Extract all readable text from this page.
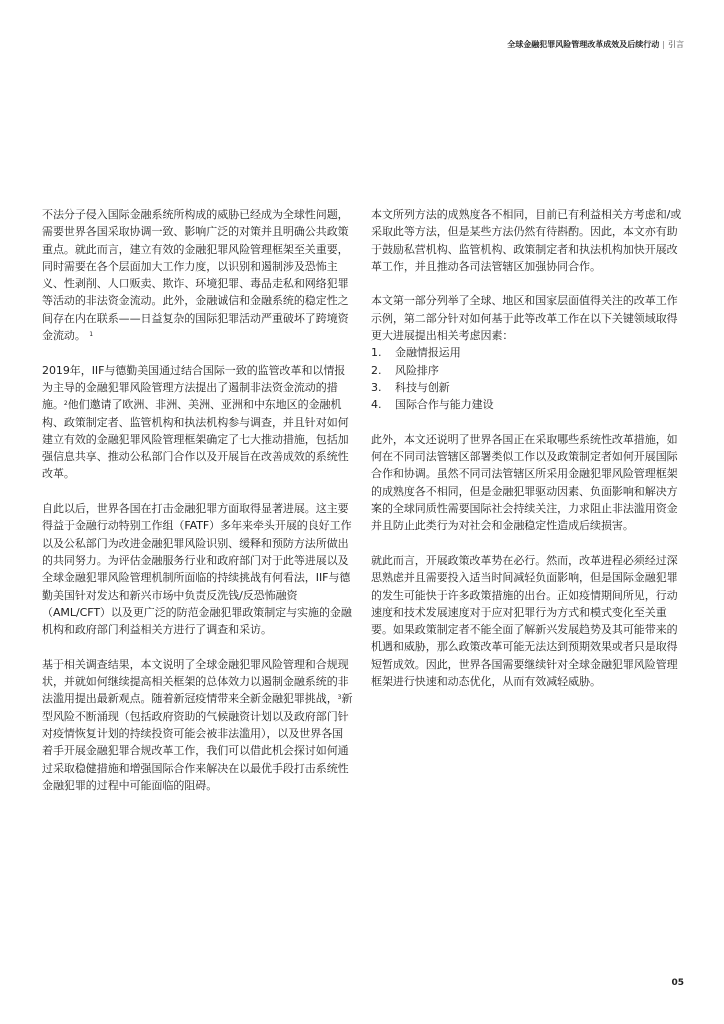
全球金融犯罪风险管理改革成效及后续行动 | 引言

不法分子侵入国际金融系统所构成的威胁已经成为全球性问题，需要世界各国采取协调一致、影响广泛的对策并且明确公共政策重点。就此而言，建立有效的金融犯罪风险管理框架至关重要，同时需要在各个层面加大工作力度，以识别和遏制涉及恐怖主义、性剥削、人口贩卖、欺诈、环境犯罪、毒品走私和网络犯罪等活动的非法资金流动。此外，金融诚信和金融系统的稳定性之间存在内在联系——日益复杂的国际犯罪活动严重破坏了跨境资金流动。 $^1$

2019年，IIF与德勤美国通过结合国际一致的监管改革和以情报为主导的金融犯罪风险管理方法提出了遏制非法资金流动的措施。$^2$他们邀请了欧洲、非洲、美洲、亚洲和中东地区的金融机构、政策制定者、监管机构和执法机构参与调查，并且针对如何建立有效的金融犯罪风险管理框架确定了七大推动措施，包括加强信息共享、推动公私部门合作以及开展旨在改善成效的系统性改革。

自此以后，世界各国在打击金融犯罪方面取得显著进展。这主要得益于金融行动特别工作组（FATF）多年来牵头开展的良好工作以及公私部门为改进金融犯罪风险识别、缓释和预防方法所做出的共同努力。为评估金融服务行业和政府部门对于此等进展以及全球金融犯罪风险管理机制所面临的持续挑战有何看法，IIF与德勤美国针对发达和新兴市场中负责反洗钱/反恐怖融资（AML/CFT）以及更广泛的防范金融犯罪政策制定与实施的金融机构和政府部门利益相关方进行了调查和采访。

基于相关调查结果，本文说明了全球金融犯罪风险管理和合规现状，并就如何继续提高相关框架的总体效力以遏制金融系统的非法滥用提出最新观点。随着新冠疫情带来全新金融犯罪挑战，$^3$新型风险不断涌现（包括政府资助的气候融资计划以及政府部门针对疫情恢复计划的持续投资可能会被非法滥用），以及世界各国着手开展金融犯罪合规改革工作，我们可以借此机会探讨如何通过采取稳健措施和增强国际合作来解决在以最优手段打击系统性金融犯罪的过程中可能面临的阻碍。

本文所列方法的成熟度各不相同，目前已有利益相关方考虑和/或采取此等方法，但是某些方法仍然有待斟酌。因此，本文亦有助于鼓励私营机构、监管机构、政策制定者和执法机构加快开展改革工作，并且推动各司法管辖区加强协同合作。

本文第一部分列举了全球、地区和国家层面值得关注的改革工作示例，第二部分针对如何基于此等改革工作在以下关键领域取得更大进展提出相关考虑因素：

1.	金融情报运用
2.	风险排序
3.	科技与创新
4.	国际合作与能力建设

此外，本文还说明了世界各国正在采取哪些系统性改革措施，如何在不同司法管辖区部署类似工作以及政策制定者如何开展国际合作和协调。虽然不同司法管辖区所采用金融犯罪风险管理框架的成熟度各不相同，但是金融犯罪驱动因素、负面影响和解决方案的全球同质性需要国际社会持续关注，力求阻止非法滥用资金并且防止此类行为对社会和金融稳定性造成后续损害。

就此而言，开展政策改革势在必行。然而，改革进程必须经过深思熟虑并且需要投入适当时间减轻负面影响，但是国际金融犯罪的发生可能快于许多政策措施的出台。正如疫情期间所见，行动速度和技术发展速度对于应对犯罪行为方式和模式变化至关重要。如果政策制定者不能全面了解新兴发展趋势及其可能带来的机遇和威胁，那么政策改革可能无法达到预期效果或者只是取得短暂成效。因此，世界各国需要继续针对全球金融犯罪风险管理框架进行快速和动态优化，从而有效减轻威胁。

05
